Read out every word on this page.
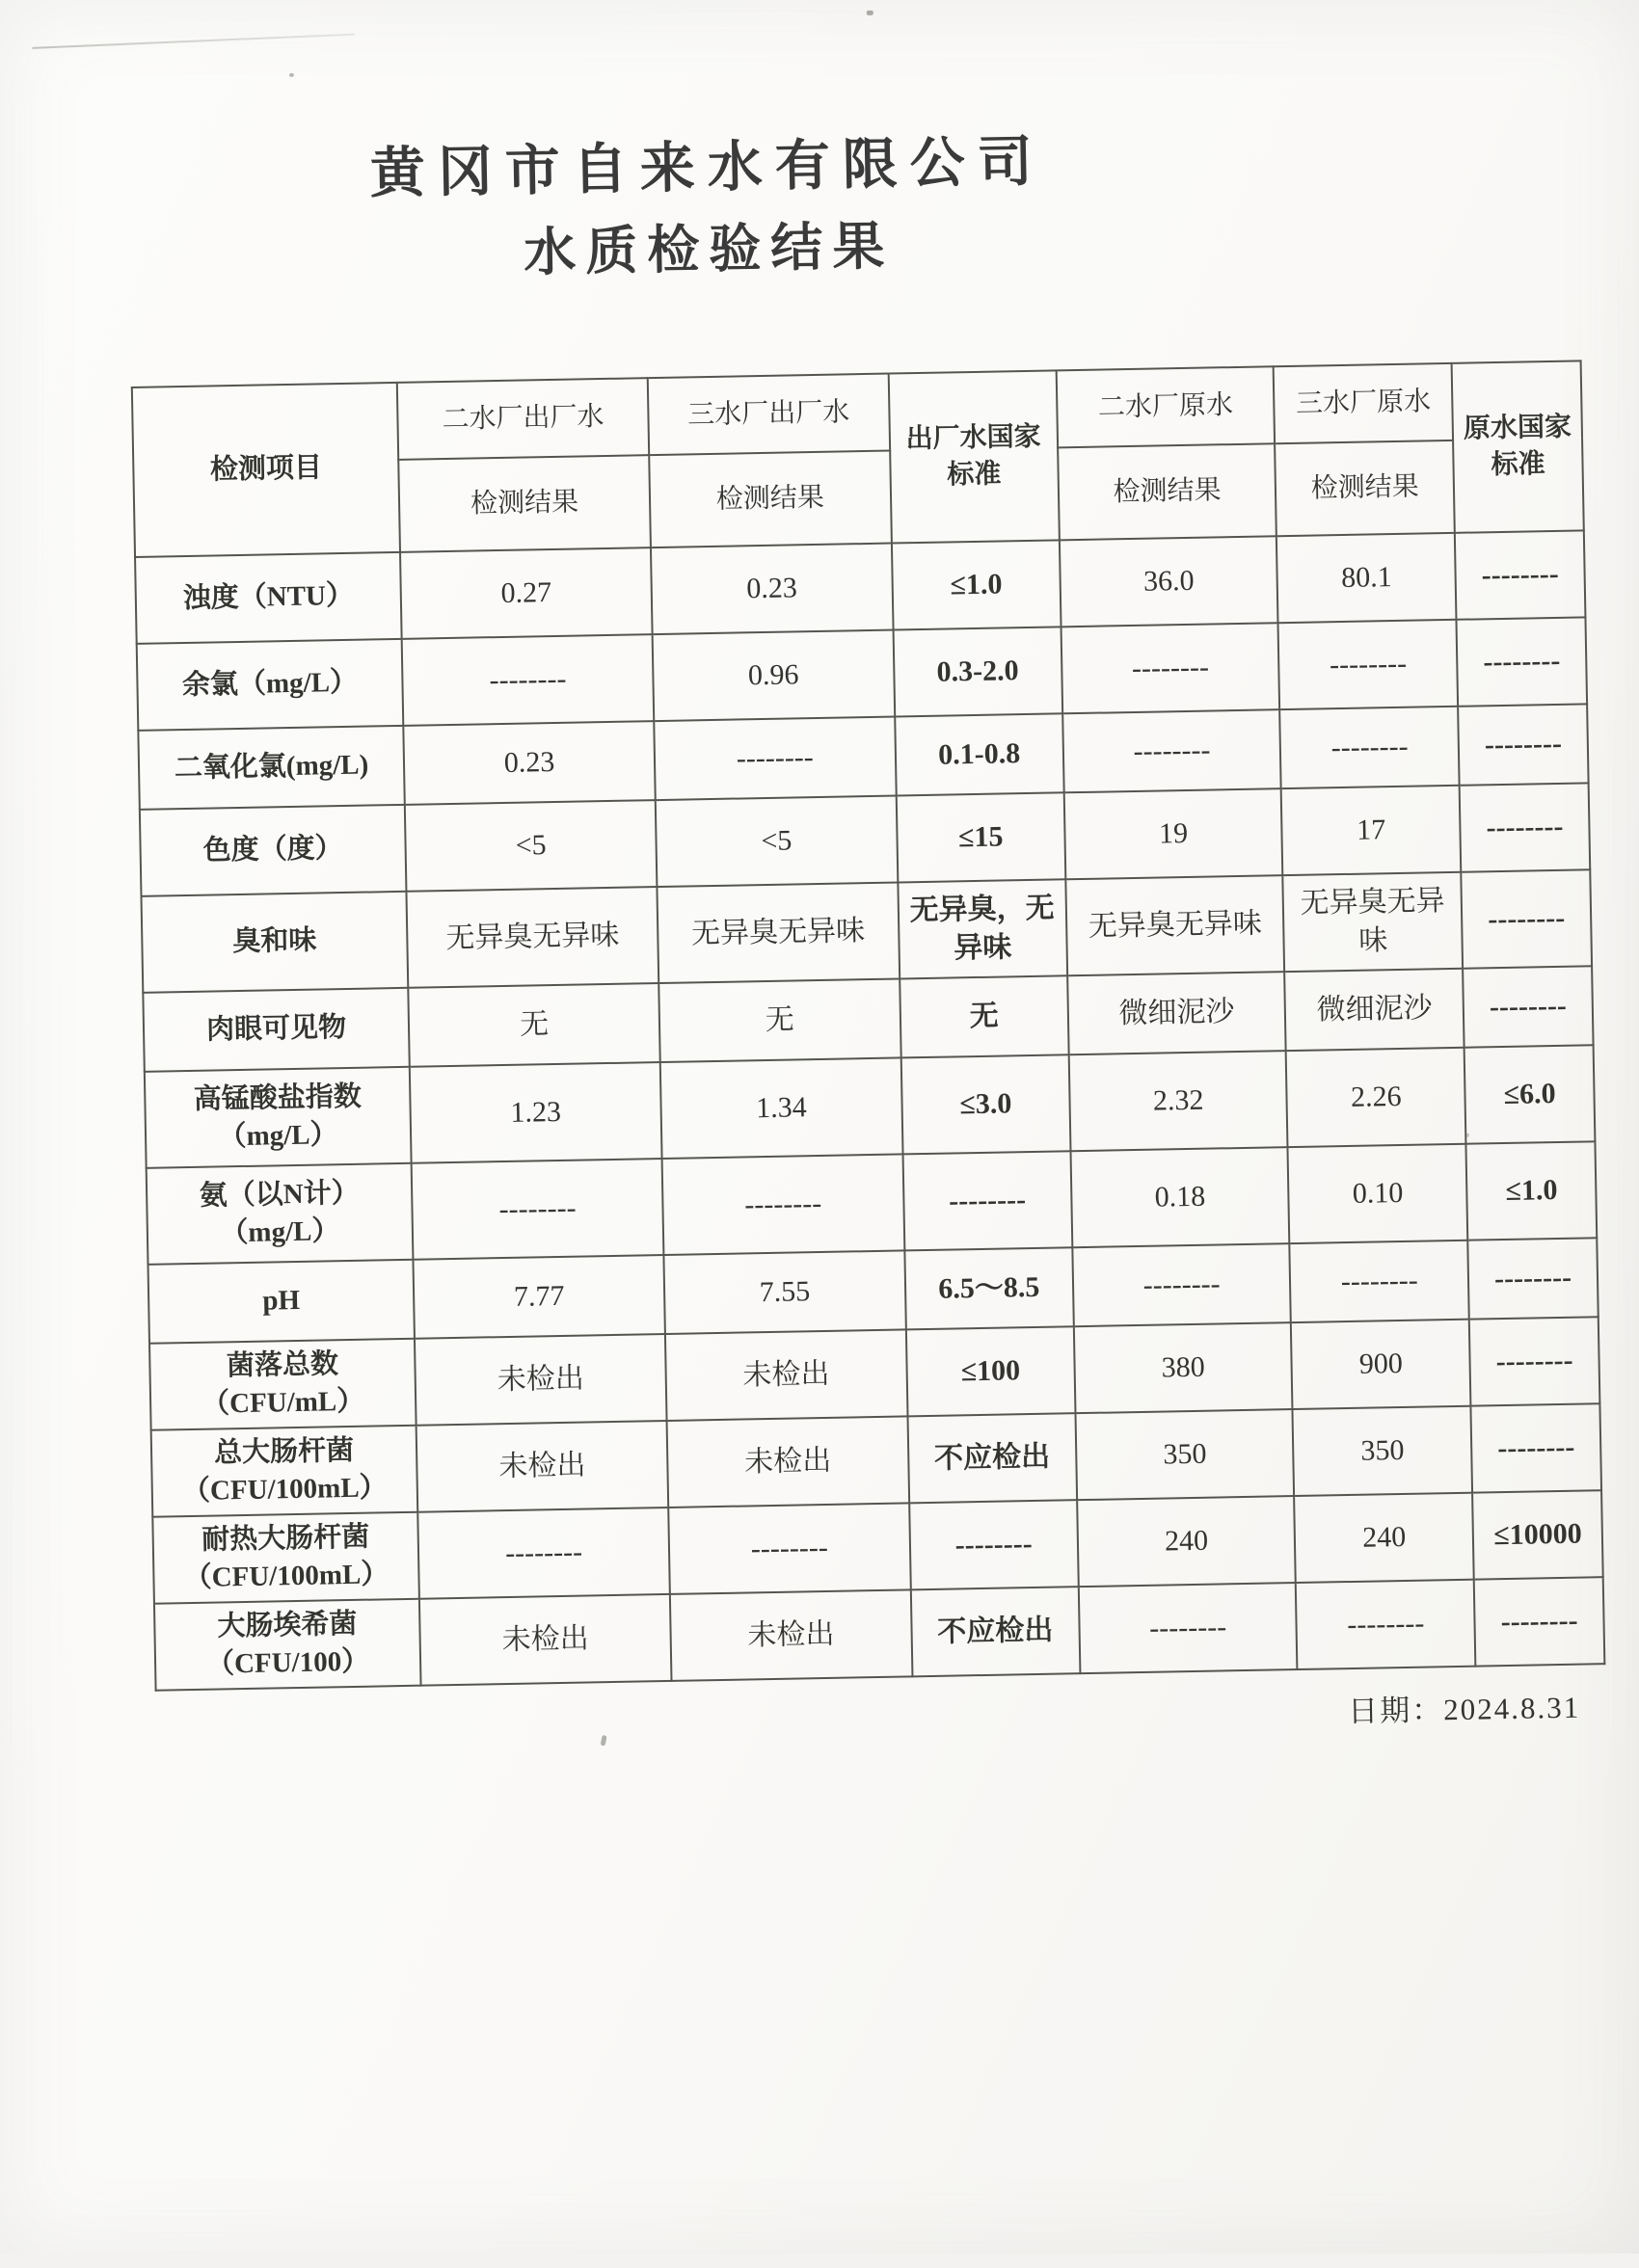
黄冈市自来水有限公司
水质检验结果
检测项目	二水厂出厂水	三水厂出厂水	出厂水国家标准	二水厂原水	三水厂原水	原水国家标准
	检测结果	检测结果		检测结果	检测结果	
浊度（NTU）	0.27	0.23	≤1.0	36.0	80.1	--------
余氯（mg/L）	--------	0.96	0.3-2.0	--------	--------	--------
二氧化氯(mg/L)	0.23	--------	0.1-0.8	--------	--------	--------
色度（度）	<5	<5	≤15	19	17	--------
臭和味	无异臭无异味	无异臭无异味	无异臭，无异味	无异臭无异味	无异臭无异味	--------
肉眼可见物	无	无	无	微细泥沙	微细泥沙	--------
高锰酸盐指数 （mg/L）	1.23	1.34	≤3.0	2.32	2.26	≤6.0
氨（以N计） （mg/L）	--------	--------	--------	0.18	0.10	≤1.0
pH	7.77	7.55	6.5～8.5	--------	--------	--------
菌落总数 （CFU/mL）	未检出	未检出	≤100	380	900	--------
总大肠杆菌 （CFU/100mL）	未检出	未检出	不应检出	350	350	--------
耐热大肠杆菌 （CFU/100mL）	--------	--------	--------	240	240	≤10000
大肠埃希菌 （CFU/100）	未检出	未检出	不应检出	--------	--------	--------
日期：2024.8.31
